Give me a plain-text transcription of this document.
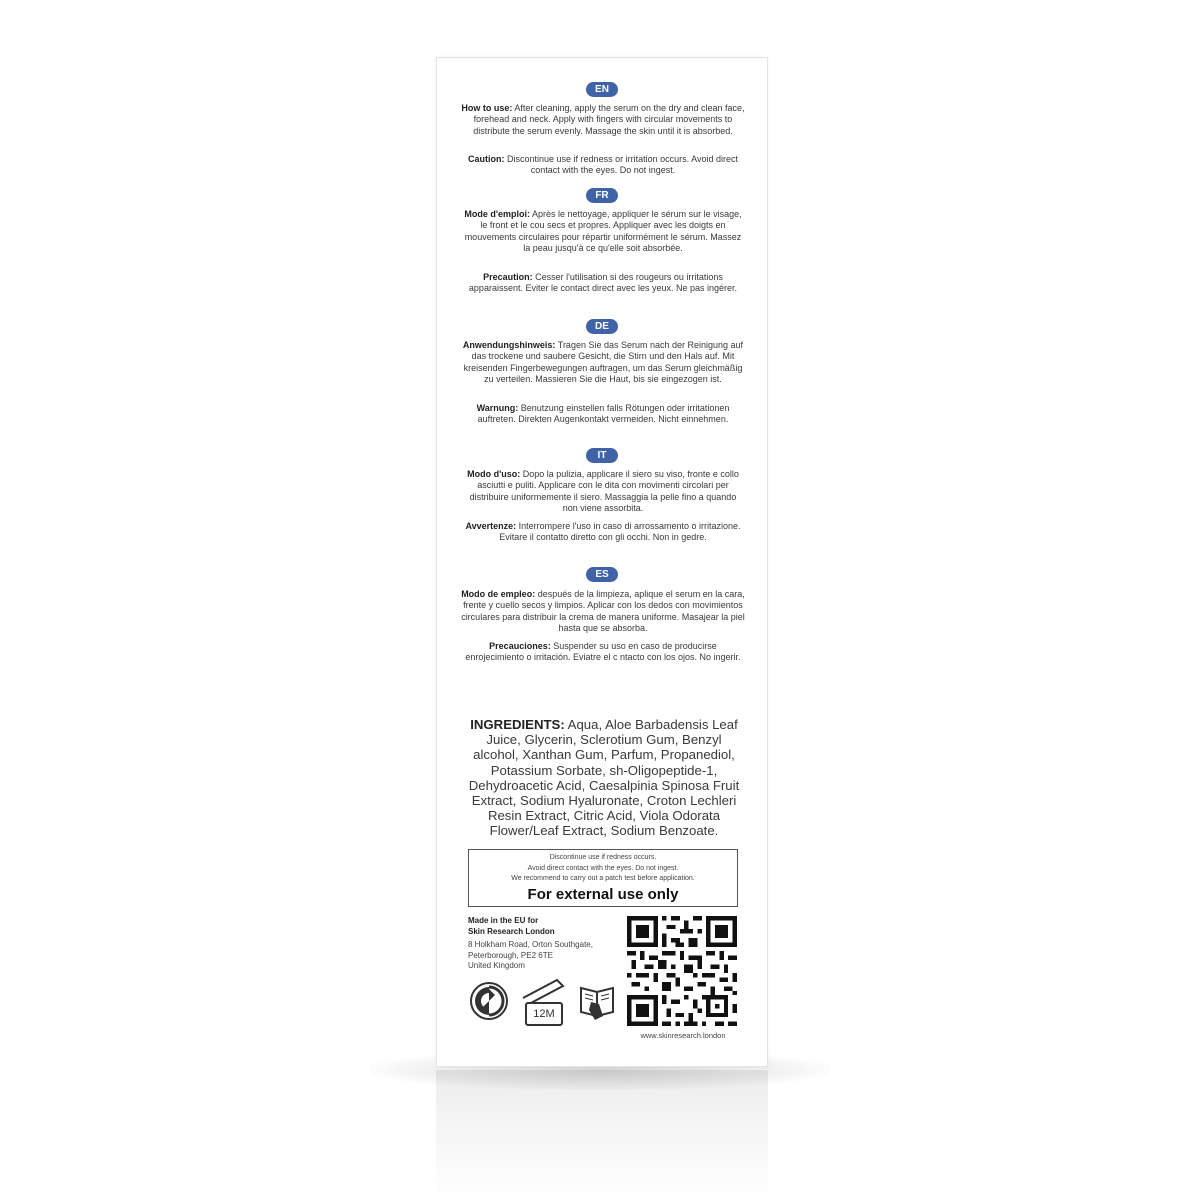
EN
How to use: After cleaning, apply the serum on the dry and clean face, forehead and neck. Apply with fingers with circular movements to distribute the serum evenly. Massage the skin until it is absorbed.
Caution: Discontinue use if redness or irritation occurs. Avoid direct contact with the eyes. Do not ingest.
FR
Mode d'emploi: Après le nettoyage, appliquer le sérum sur le visage, le front et le cou secs et propres. Appliquer avec les doigts en mouvements circulaires pour répartir uniformément le sérum. Massez la peau jusqu'à ce qu'elle soit absorbée.
Precaution: Cesser l'utilisation si des rougeurs ou irritations apparaissent. Eviter le contact direct avec les yeux. Ne pas ingérer.
DE
Anwendungshinweis: Tragen Sie das Serum nach der Reinigung auf das trockene und saubere Gesicht, die Stirn und den Hals auf. Mit kreisenden Fingerbewegungen auftragen, um das Serum gleichmäßig zu verteilen. Massieren Sie die Haut, bis sie eingezogen ist.
Warnung: Benutzung einstellen falls Rötungen oder irritationen auftreten. Direkten Augenkontakt vermeiden. Nicht einnehmen.
IT
Modo d'uso: Dopo la pulizia, applicare il siero su viso, fronte e collo asciutti e puliti. Applicare con le dita con movimenti circolari per distribuire uniformemente il siero. Massaggia la pelle fino a quando non viene assorbita.
Avvertenze: Interrompere l'uso in caso di arrossamento o irritazione. Evitare il contatto diretto con gli occhi. Non in gedre.
ES
Modo de empleo: después de la limpieza, aplique el serum en la cara, frente y cuello secos y limpios. Aplicar con los dedos con movimientos circulares para distribuir la crema de manera uniforme. Masajear la piel hasta que se absorba.
Precauciones: Suspender su uso en caso de producirse enrojecimiento o irritación. Eviatre el c ntacto con los ojos. No ingerir.
INGREDIENTS: Aqua, Aloe Barbadensis Leaf Juice, Glycerin, Sclerotium Gum, Benzyl alcohol, Xanthan Gum, Parfum, Propanediol, Potassium Sorbate, sh-Oligopeptide-1, Dehydroacetic Acid, Caesalpinia Spinosa Fruit Extract, Sodium Hyaluronate, Croton Lechleri Resin Extract, Citric Acid, Viola Odorata Flower/Leaf Extract, Sodium Benzoate.
Discontinue use if redness occurs.
Avoid direct contact with the eyes. Do not ingest.
We recommend to carry out a patch test before application.
For external use only
Made in the EU for
Skin Research London
8 Holkham Road, Orton Southgate,
Peterborough, PE2 6TE
United Kingdom
12M
www.skinresearch.london
